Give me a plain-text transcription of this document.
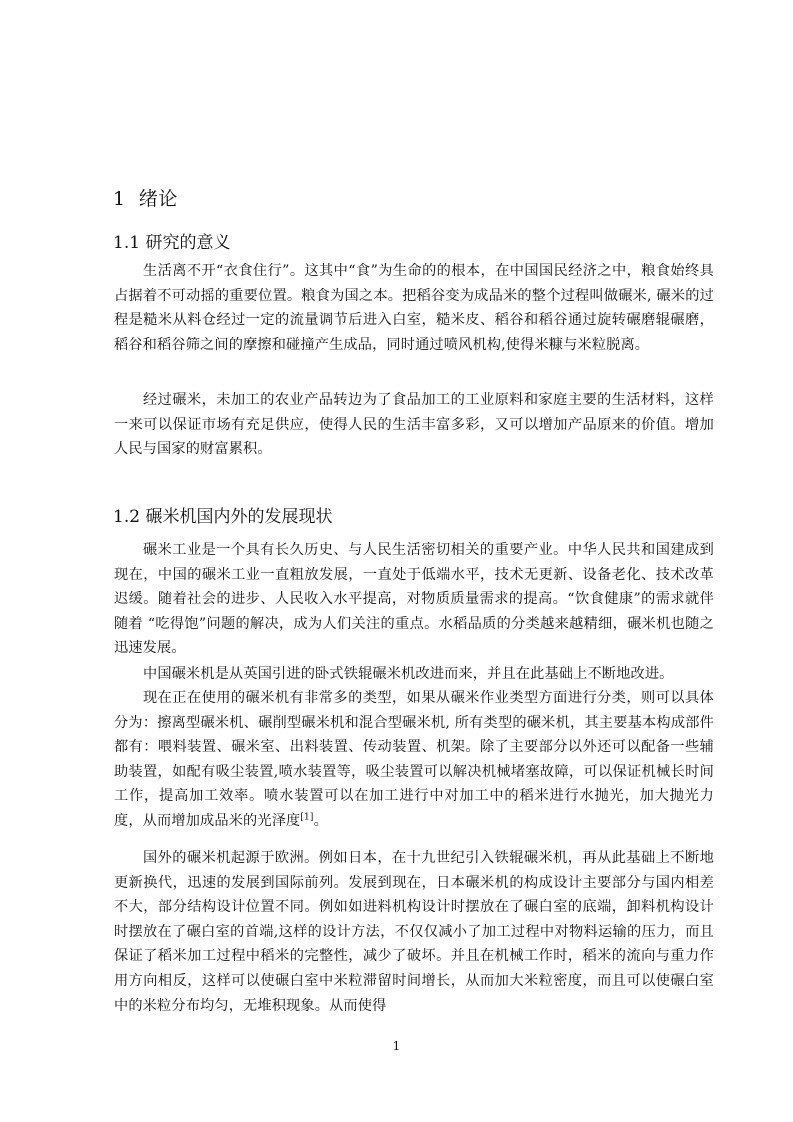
1 绪论
1.1 研究的意义

生活离不开“衣食住行”。这其中“食”为生命的的根本，在中国国民经济之中，粮食始终具占据着不可动摇的重要位置。粮食为国之本。把稻谷变为成品米的整个过程叫做碾米, 碾米的过程是糙米从料仓经过一定的流量调节后进入白室，糙米皮、稻谷和稻谷通过旋转碾磨辊碾磨，稻谷和稻谷筛之间的摩擦和碰撞产生成品，同时通过喷风机构,使得米糠与米粒脱离。

经过碾米，未加工的农业产品转边为了食品加工的工业原料和家庭主要的生活材料，这样一来可以保证市场有充足供应，使得人民的生活丰富多彩，又可以增加产品原来的价值。增加人民与国家的财富累积。

1.2 碾米机国内外的发展现状

碾米工业是一个具有长久历史、与人民生活密切相关的重要产业。中华人民共和国建成到现在，中国的碾米工业一直粗放发展，一直处于低端水平，技术无更新、设备老化、技术改革迟缓。随着社会的进步、人民收入水平提高，对物质质量需求的提高。“饮食健康”的需求就伴随着 “吃得饱”问题的解决，成为人们关注的重点。水稻品质的分类越来越精细，碾米机也随之迅速发展。

中国碾米机是从英国引进的卧式铁辊碾米机改进而来，并且在此基础上不断地改进。

现在正在使用的碾米机有非常多的类型，如果从碾米作业类型方面进行分类，则可以具体分为：擦离型碾米机、碾削型碾米机和混合型碾米机, 所有类型的碾米机，其主要基本构成部件都有：喂料装置、碾米室、出料装置、传动装置、机架。除了主要部分以外还可以配备一些辅助装置，如配有吸尘装置,喷水装置等，吸尘装置可以解决机械堵塞故障，可以保证机械长时间工作，提高加工效率。喷水装置可以在加工进行中对加工中的稻米进行水抛光，加大抛光力度，从而增加成品米的光泽度[1]。

国外的碾米机起源于欧洲。例如日本，在十九世纪引入铁辊碾米机，再从此基础上不断地更新换代，迅速的发展到国际前列。发展到现在，日本碾米机的构成设计主要部分与国内相差不大，部分结构设计位置不同。例如如进料机构设计时摆放在了碾白室的底端，卸料机构设计时摆放在了碾白室的首端,这样的设计方法，不仅仅减小了加工过程中对物料运输的压力，而且保证了稻米加工过程中稻米的完整性，减少了破坏。并且在机械工作时，稻米的流向与重力作用方向相反，这样可以使碾白室中米粒滞留时间增长，从而加大米粒密度，而且可以使碾白室中的米粒分布均匀，无堆积现象。从而使得

1
